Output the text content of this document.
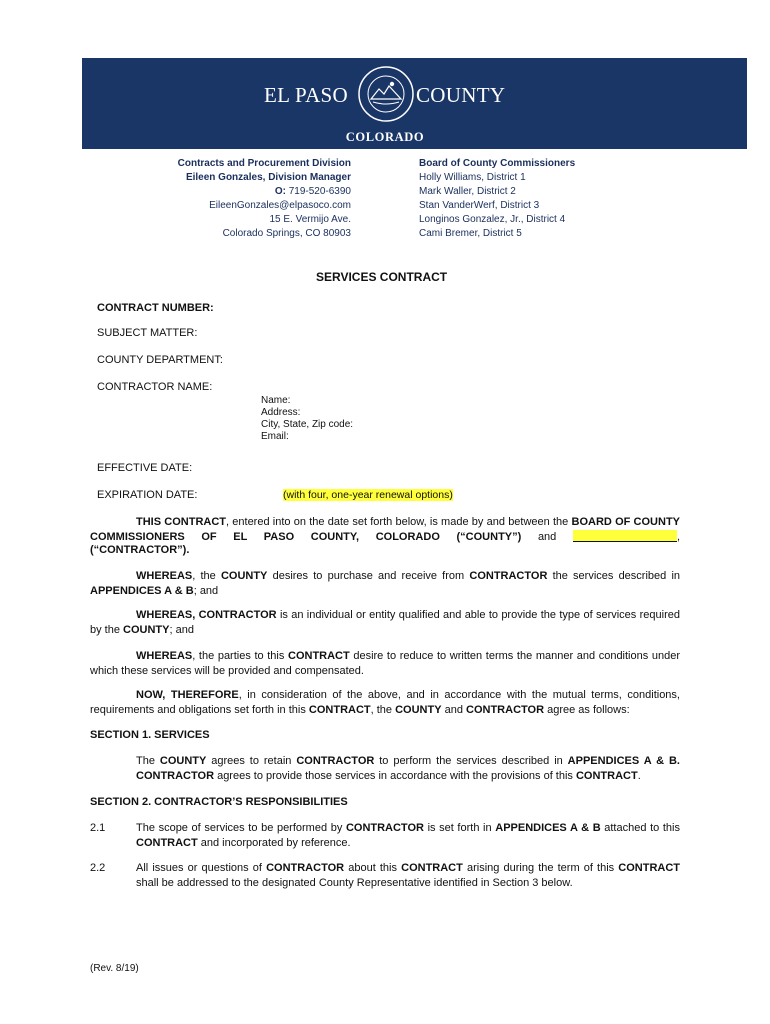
EL PASO	COUNTY
COLORADO
Contracts and Procurement Division
Eileen Gonzales, Division Manager
O: 719-520-6390
EileenGonzales@elpasoco.com
15 E. Vermijo Ave.
Colorado Springs, CO 80903
Board of County Commissioners
Holly Williams, District 1
Mark Waller, District 2
Stan VanderWerf, District 3
Longinos Gonzalez, Jr., District 4
Cami Bremer, District 5
SERVICES CONTRACT
CONTRACT NUMBER:
SUBJECT MATTER:
COUNTY DEPARTMENT:
CONTRACTOR NAME:
Name:
Address:
City, State, Zip code:
Email:
EFFECTIVE DATE:
EXPIRATION DATE:	(with four, one-year renewal options)
THIS CONTRACT, entered into on the date set forth below, is made by and between the BOARD OF COUNTY COMMISSIONERS OF EL PASO COUNTY, COLORADO (“COUNTY”) and	,
(“CONTRACTOR”).
WHEREAS, the COUNTY desires to purchase and receive from CONTRACTOR the services described in APPENDICES A & B; and
WHEREAS, CONTRACTOR is an individual or entity qualified and able to provide the type of services required by the COUNTY; and
WHEREAS, the parties to this CONTRACT desire to reduce to written terms the manner and conditions under which these services will be provided and compensated.
NOW, THEREFORE, in consideration of the above, and in accordance with the mutual terms, conditions, requirements and obligations set forth in this CONTRACT, the COUNTY and CONTRACTOR agree as follows:
SECTION 1. SERVICES
The COUNTY agrees to retain CONTRACTOR to perform the services described in APPENDICES A & B. CONTRACTOR agrees to provide those services in accordance with the provisions of this CONTRACT.
SECTION 2. CONTRACTOR’S RESPONSIBILITIES
2.1	The scope of services to be performed by CONTRACTOR is set forth in APPENDICES A & B attached to this CONTRACT and incorporated by reference.
2.2	All issues or questions of CONTRACTOR about this CONTRACT arising during the term of this CONTRACT shall be addressed to the designated County Representative identified in Section 3 below.
(Rev. 8/19)
